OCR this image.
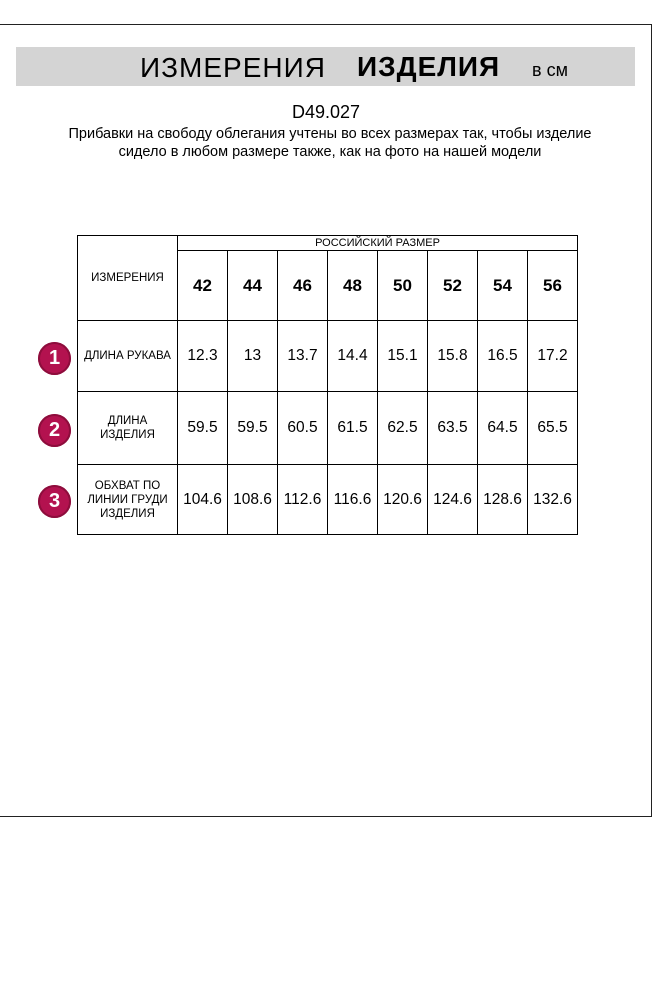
ИЗМЕРЕНИЯ ИЗДЕЛИЯ в см
D49.027
Прибавки на свободу облегания учтены во всех размерах так, чтобы изделие сидело в любом размере также, как на фото на нашей модели
ИЗМЕРЕНИЯ	РОССИЙСКИЙ РАЗМЕР							
	42	44	46	48	50	52	54	56
ДЛИНА РУКАВА	12.3	13	13.7	14.4	15.1	15.8	16.5	17.2
ДЛИНА
ИЗДЕЛИЯ	59.5	59.5	60.5	61.5	62.5	63.5	64.5	65.5
ОБХВАТ ПО
ЛИНИИ ГРУДИ
ИЗДЕЛИЯ	104.6	108.6	112.6	116.6	120.6	124.6	128.6	132.6
1
2
3
